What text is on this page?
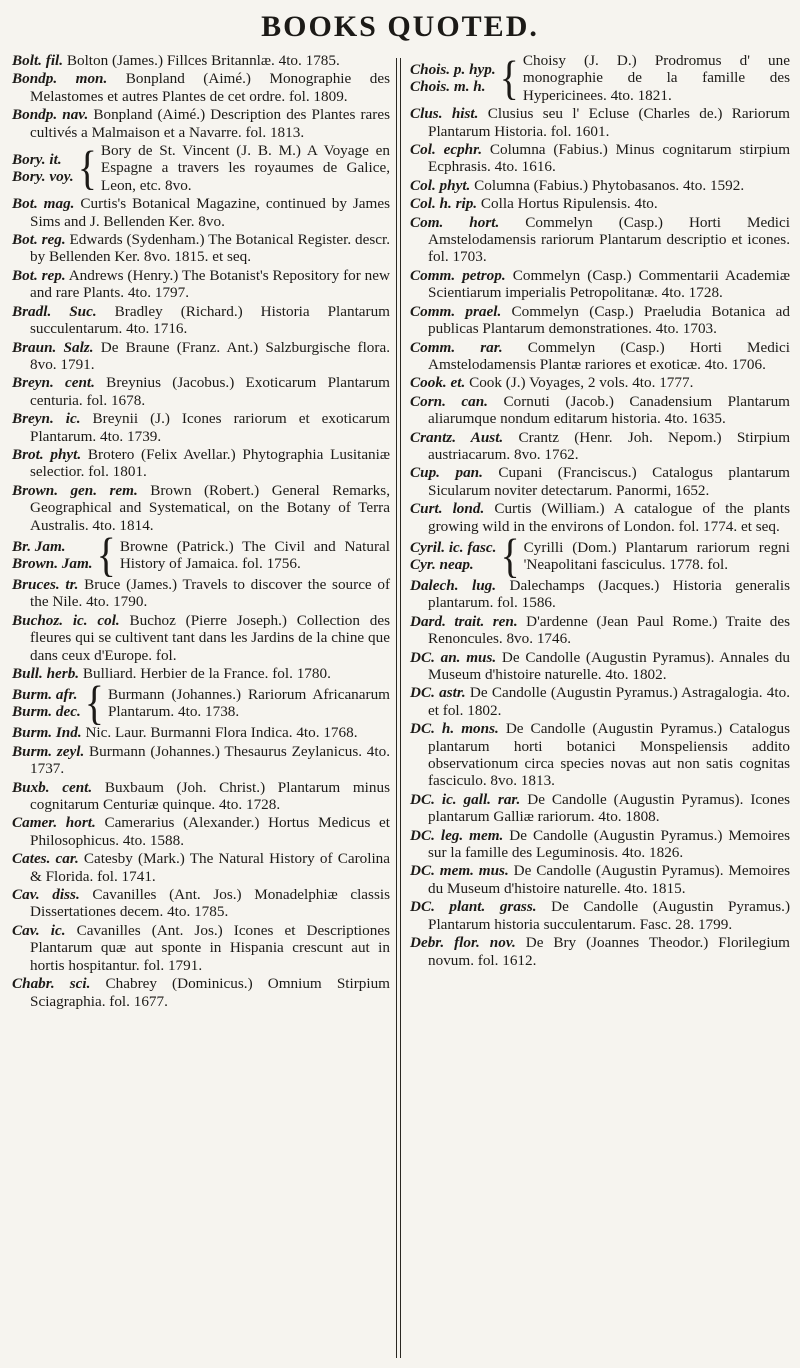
BOOKS QUOTED.
Bolt. fil. Bolton (James.) Fillces Britannlæ. 4to. 1785.
Bondp. mon. Bonpland (Aimé.) Monographie des Melastomes et autres Plantes de cet ordre. fol. 1809.
Bondp. nav. Bonpland (Aimé.) Description des Plantes rares cultivés a Malmaison et a Navarre. fol. 1813.
Bory. it.
Bory. voy. { Bory de St. Vincent (J. B. M.) A Voyage en Espagne a travers les royaumes de Galice, Leon, etc. 8vo.
Bot. mag. Curtis's Botanical Magazine, continued by James Sims and J. Bellenden Ker. 8vo.
Bot. reg. Edwards (Sydenham.) The Botanical Register. descr. by Bellenden Ker. 8vo. 1815. et seq.
Bot. rep. Andrews (Henry.) The Botanist's Repository for new and rare Plants. 4to. 1797.
Bradl. Suc. Bradley (Richard.) Historia Plantarum succulentarum. 4to. 1716.
Braun. Salz. De Braune (Franz. Ant.) Salzburgische flora. 8vo. 1791.
Breyn. cent. Breynius (Jacobus.) Exoticarum Plantarum centuria. fol. 1678.
Breyn. ic. Breynii (J.) Icones rariorum et exoticarum Plantarum. 4to. 1739.
Brot. phyt. Brotero (Felix Avellar.) Phytographia Lusitaniæ selectior. fol. 1801.
Brown. gen. rem. Brown (Robert.) General Remarks, Geographical and Systematical, on the Botany of Terra Australis. 4to. 1814.
Br. Jam.
Brown. Jam. { Browne (Patrick.) The Civil and Natural History of Jamaica. fol. 1756.
Bruces. tr. Bruce (James.) Travels to discover the source of the Nile. 4to. 1790.
Buchoz. ic. col. Buchoz (Pierre Joseph.) Collection des fleures qui se cultivent tant dans les Jardins de la chine que dans ceux d'Europe. fol.
Bull. herb. Bulliard. Herbier de la France. fol. 1780.
Burm. afr.
Burm. dec. { Burmann (Johannes.) Rariorum Africanarum Plantarum. 4to. 1738.
Burm. Ind. Nic. Laur. Burmanni Flora Indica. 4to. 1768.
Burm. zeyl. Burmann (Johannes.) Thesaurus Zeylanicus. 4to. 1737.
Buxb. cent. Buxbaum (Joh. Christ.) Plantarum minus cognitarum Centuriæ quinque. 4to. 1728.
Camer. hort. Camerarius (Alexander.) Hortus Medicus et Philosophicus. 4to. 1588.
Cates. car. Catesby (Mark.) The Natural History of Carolina & Florida. fol. 1741.
Cav. diss. Cavanilles (Ant. Jos.) Monadelphiæ classis Dissertationes decem. 4to. 1785.
Cav. ic. Cavanilles (Ant. Jos.) Icones et Descriptiones Plantarum quæ aut sponte in Hispania crescunt aut in hortis hospitantur. fol. 1791.
Chabr. sci. Chabrey (Dominicus.) Omnium Stirpium Sciagraphia. fol. 1677.
Chois. p. hyp.
Chois. m. h. { Choisy (J. D.) Prodromus d' une monographie de la famille des Hypericinees. 4to. 1821.
Clus. hist. Clusius seu l' Ecluse (Charles de.) Rariorum Plantarum Historia. fol. 1601.
Col. ecphr. Columna (Fabius.) Minus cognitarum stirpium Ecphrasis. 4to. 1616.
Col. phyt. Columna (Fabius.) Phytobasanos. 4to. 1592.
Col. h. rip. Colla Hortus Ripulensis. 4to.
Com. hort. Commelyn (Casp.) Horti Medici Amstelodamensis rariorum Plantarum descriptio et icones. fol. 1703.
Comm. petrop. Commelyn (Casp.) Commentarii Academiæ Scientiarum imperialis Petropolitanæ. 4to. 1728.
Comm. prael. Commelyn (Casp.) Praeludia Botanica ad publicas Plantarum demonstrationes. 4to. 1703.
Comm. rar. Commelyn (Casp.) Horti Medici Amstelodamensis Plantæ rariores et exoticæ. 4to. 1706.
Cook. et. Cook (J.) Voyages, 2 vols. 4to. 1777.
Corn. can. Cornuti (Jacob.) Canadensium Plantarum aliarumque nondum editarum historia. 4to. 1635.
Crantz. Aust. Crantz (Henr. Joh. Nepom.) Stirpium austriacarum. 8vo. 1762.
Cup. pan. Cupani (Franciscus.) Catalogus plantarum Sicularum noviter detectarum. Panormi, 1652.
Curt. lond. Curtis (William.) A catalogue of the plants growing wild in the environs of London. fol. 1774. et seq.
Cyril. ic. fasc.
Cyr. neap. { Cyrilli (Dom.) Plantarum rariorum regni 'Neapolitani fasciculus. 1778. fol.
Dalech. lug. Dalechamps (Jacques.) Historia generalis plantarum. fol. 1586.
Dard. trait. ren. D'ardenne (Jean Paul Rome.) Traite des Renoncules. 8vo. 1746.
DC. an. mus. De Candolle (Augustin Pyramus). Annales du Museum d'histoire naturelle. 4to. 1802.
DC. astr. De Candolle (Augustin Pyramus.) Astragalogia. 4to. et fol. 1802.
DC. h. mons. De Candolle (Augustin Pyramus.) Catalogus plantarum horti botanici Monspeliensis addito observationum circa species novas aut non satis cognitas fasciculo. 8vo. 1813.
DC. ic. gall. rar. De Candolle (Augustin Pyramus). Icones plantarum Galliæ rariorum. 4to. 1808.
DC. leg. mem. De Candolle (Augustin Pyramus.) Memoires sur la famille des Leguminosis. 4to. 1826.
DC. mem. mus. De Candolle (Augustin Pyramus). Memoires du Museum d'histoire naturelle. 4to. 1815.
DC. plant. grass. De Candolle (Augustin Pyramus.) Plantarum historia succulentarum. Fasc. 28. 1799.
Debr. flor. nov. De Bry (Joannes Theodor.) Florilegium novum. fol. 1612.
